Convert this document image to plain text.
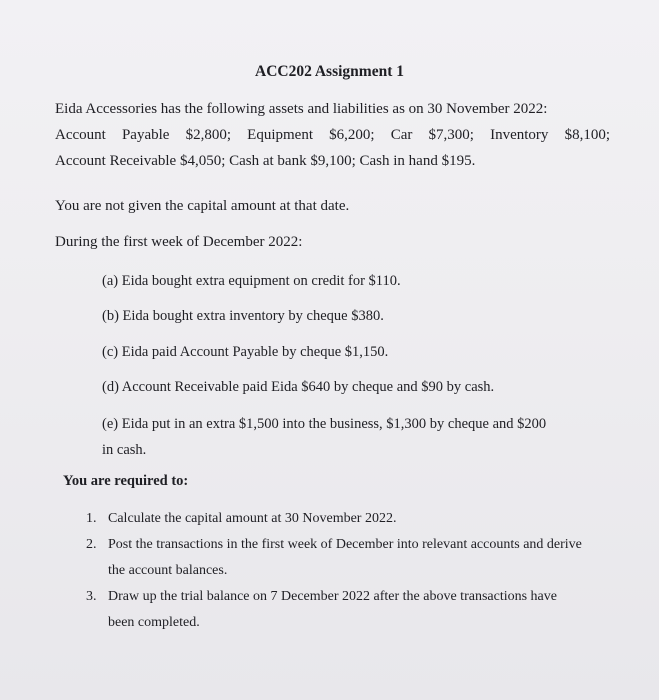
ACC202 Assignment 1
Eida Accessories has the following assets and liabilities as on 30 November 2022:
Account Payable $2,800; Equipment $6,200; Car $7,300; Inventory $8,100;
Account Receivable $4,050; Cash at bank $9,100; Cash in hand $195.
You are not given the capital amount at that date.
During the first week of December 2022:
(a) Eida bought extra equipment on credit for $110.
(b) Eida bought extra inventory by cheque $380.
(c) Eida paid Account Payable by cheque $1,150.
(d) Account Receivable paid Eida $640 by cheque and $90 by cash.
(e) Eida put in an extra $1,500 into the business, $1,300 by cheque and $200
in cash.
You are required to:
1. Calculate the capital amount at 30 November 2022.
2. Post the transactions in the first week of December into relevant accounts and derive the account balances.
3. Draw up the trial balance on 7 December 2022 after the above transactions have been completed.
